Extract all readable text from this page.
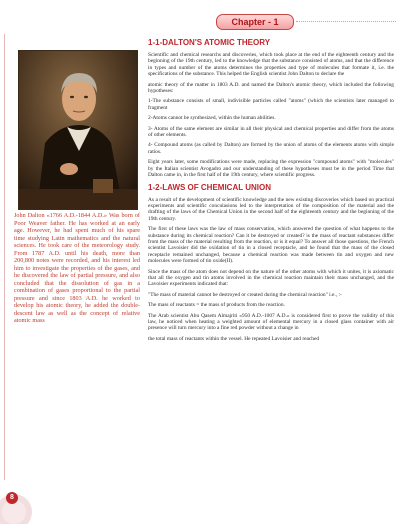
Chapter - 1
John Dalton «1766 A.D.-1844 A.D.» Was born of Poor Weaver father. He has worked at an early age. However, he had spent much of his spare time studying Latin mathematics and the natural sciences. He took care of the meteorology study. From 1787 A.D. until his death, more than 200,800 notes were recorded, and his interest led him to investigate the properties of the gases, and he discovered the law of partial pressure, and also concluded that the dissolution of gas in a combination of gases proportional to the partial pressure and since 1803 A.D. he worked to develop his atomic theory, he added the double-descent law as well as the concept of relative atomic mass
1-1-DALTON'S ATOMIC THEORY

Scientific and chemical researchs and discoveries, which took place at the end of the eighteenth century and the beginning of the 19th century, led to the knowledge that the substance consisted of atoms, and that the difference in types and number of the atoms determines the properties and type of molecules that formate it, i.e. the specifications of the substance. This helped the English scientist John Dalton to declare the

atomic theory of the matter in 1803 A.D. and named the Dalton's atomic theory, which included the following hypotheses:

1-The substance consists of small, indivisible particles called "atoms" (which the scientists later managed to fragment

2-Atoms cannot be synthesized, within the human abilities.

3- Atoms of the same element are similar in all their physical and chemical properties and differ from the atoms of other elements.

4- Compound atoms (as called by Dalton) are formed by the union of atoms of the elements atoms with simple ratios.

Eight years later, some modifications were made, replacing the expression "compound atoms" with "molecules" by the Italian scientist Avogadro and our understanding of these hypotheses must be in the period Time that Dalton came in, in the first half of the 19th century, where scientific progress.

1-2-LAWS OF CHEMICAL UNION

As a result of the development of scientific knowledge and the new existing discoveries which based on practical experiments and scientific conculasions led to the interpretation of the composition of the material and the drafting of the laws of the Chemical Union in the second half of the eighteenth century and the beginning of the 19th century.

The first of these laws was the law of mass conservation, which answered the question of what happens to the substance during its chemical reaction? Can it be destroyed or created? is the mass of reactant substances differ from the mass of the material resulting from the reaction, or is it equal? To answer all those questions, the French scientist Lavoisier did the oxidation of tin in a closed receptacle, and he found that the mass of the closed receptacle remained unchanged, because a chemical reaction was made between tin and oxygen and new molecules were formed of tin oxide(II).

Since the mass of the atom does not depend on the nature of the other atoms with which it unites, it is axiomatic that all the oxygen and tin atoms involved in the chemical reaction maintain their mass unchanged, and the Lavoisier experiments indicated that:

"The mass of material cannot be destroyed or created during the chemical reaction" i.e., :-

The mass of reactants = the mass of products from the reaction.

The Arab scientist Abu Qasem Almajriti «950 A.D.-1007 A.D.» is considered first to prove the validity of this law, he noticed when heating a weighted amount of elemental mercury in a closed glass container with air presence will turn mercury into a fine red powder without a change in

the total mass of reactants within the vessel. He repeated Lavoisier and reached

8
